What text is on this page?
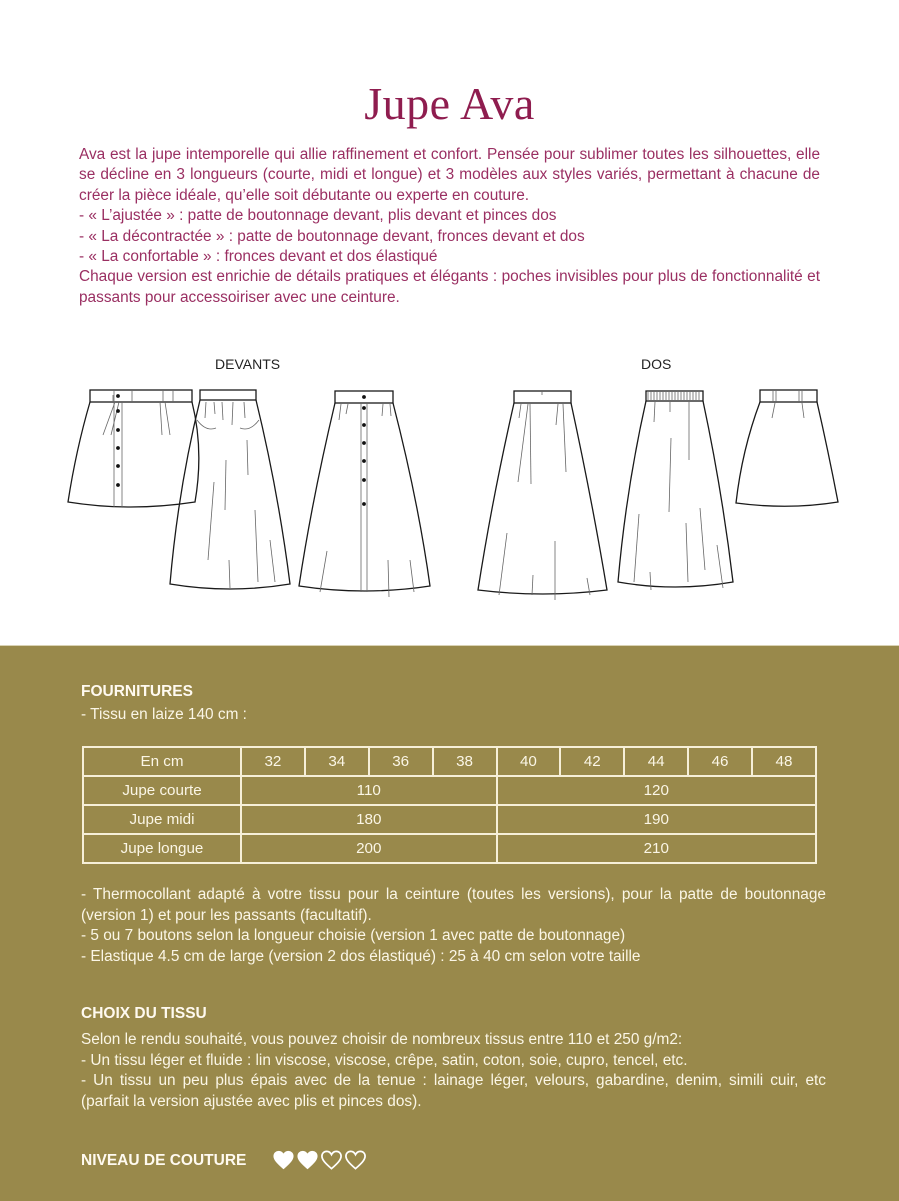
Jupe Ava

Ava est la jupe intemporelle qui allie raffinement et confort. Pensée pour sublimer toutes les silhouettes, elle se décline en 3 longueurs (courte, midi et longue) et 3 modèles aux styles variés, permettant à chacune de créer la pièce idéale, qu’elle soit débutante ou experte en couture.

- « L’ajustée » : patte de boutonnage devant, plis devant et pinces dos

- « La décontractée » : patte de boutonnage devant, fronces devant et dos

- « La confortable » : fronces devant et dos élastiqué

Chaque version est enrichie de détails pratiques et élégants : poches invisibles pour plus de fonctionnalité et passants pour accessoiriser avec une ceinture.

DEVANTS	DOS
FOURNITURES
- Tissu en laize 140 cm :
En cm	32	34	36	38	40	42	44	46	48
Jupe courte	110				120				
Jupe midi	180				190				
Jupe longue	200				210				

- Thermocollant adapté à votre tissu pour la ceinture (toutes les versions), pour la patte de boutonnage (version 1) et pour les passants (facultatif).

- 5 ou 7 boutons selon la longueur choisie (version 1 avec patte de boutonnage)

- Elastique 4.5 cm de large (version 2 dos élastiqué) : 25 à 40 cm selon votre taille

CHOIX DU TISSU

Selon le rendu souhaité, vous pouvez choisir de nombreux tissus entre 110 et 250 g/m2:

- Un tissu léger et fluide : lin viscose, viscose, crêpe, satin, coton, soie, cupro, tencel, etc.

- Un tissu un peu plus épais avec de la tenue : lainage léger, velours, gabardine, denim, simili cuir, etc (parfait la version ajustée avec plis et pinces dos).

NIVEAU DE COUTURE
